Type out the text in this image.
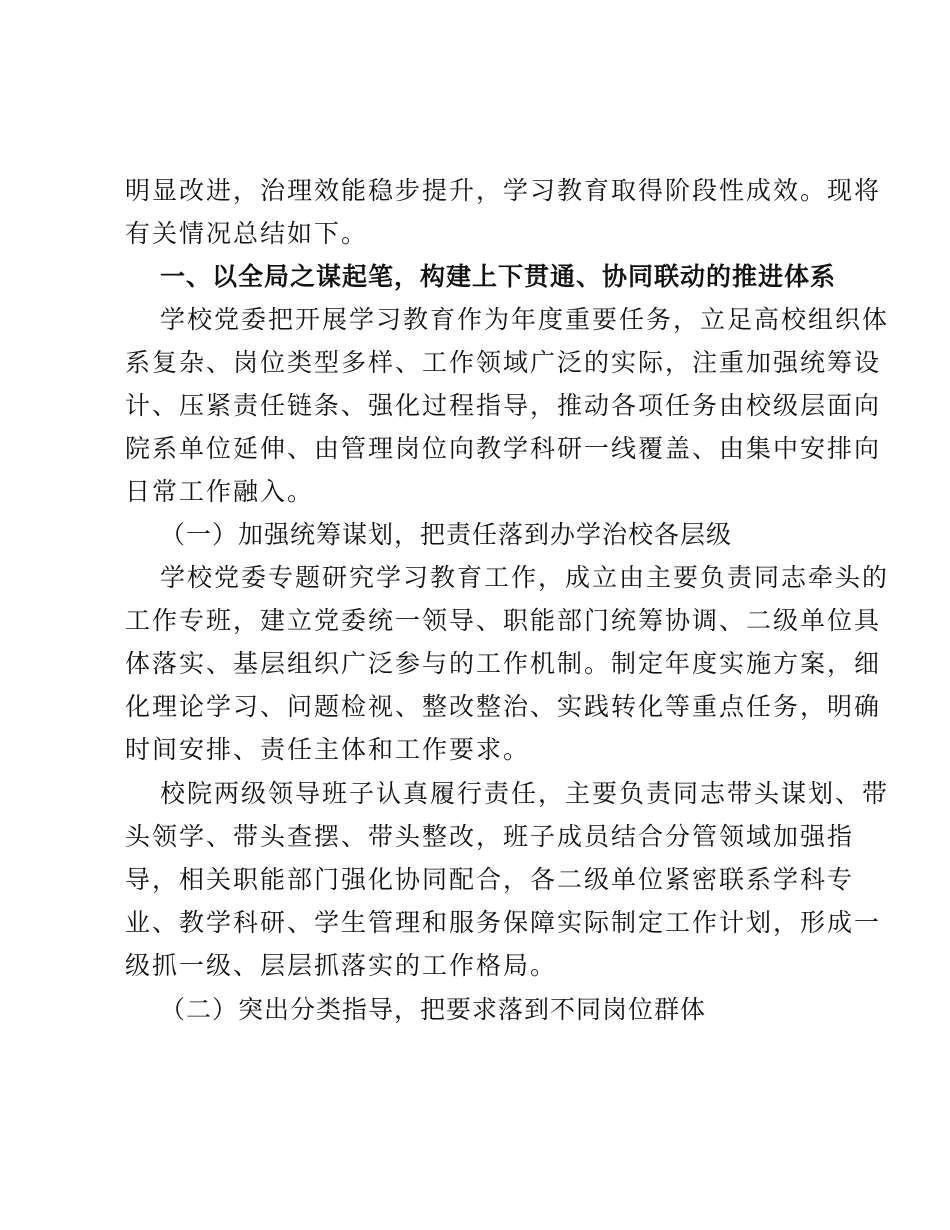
明显改进，治理效能稳步提升，学习教育取得阶段性成效。现将
有关情况总结如下。
一、以全局之谋起笔，构建上下贯通、协同联动的推进体系
学校党委把开展学习教育作为年度重要任务，立足高校组织体
系复杂、岗位类型多样、工作领域广泛的实际，注重加强统筹设
计、压紧责任链条、强化过程指导，推动各项任务由校级层面向
院系单位延伸、由管理岗位向教学科研一线覆盖、由集中安排向
日常工作融入。
（一）加强统筹谋划，把责任落到办学治校各层级
学校党委专题研究学习教育工作，成立由主要负责同志牵头的
工作专班，建立党委统一领导、职能部门统筹协调、二级单位具
体落实、基层组织广泛参与的工作机制。制定年度实施方案，细
化理论学习、问题检视、整改整治、实践转化等重点任务，明确
时间安排、责任主体和工作要求。
校院两级领导班子认真履行责任，主要负责同志带头谋划、带
头领学、带头查摆、带头整改，班子成员结合分管领域加强指
导，相关职能部门强化协同配合，各二级单位紧密联系学科专
业、教学科研、学生管理和服务保障实际制定工作计划，形成一
级抓一级、层层抓落实的工作格局。
（二）突出分类指导，把要求落到不同岗位群体
